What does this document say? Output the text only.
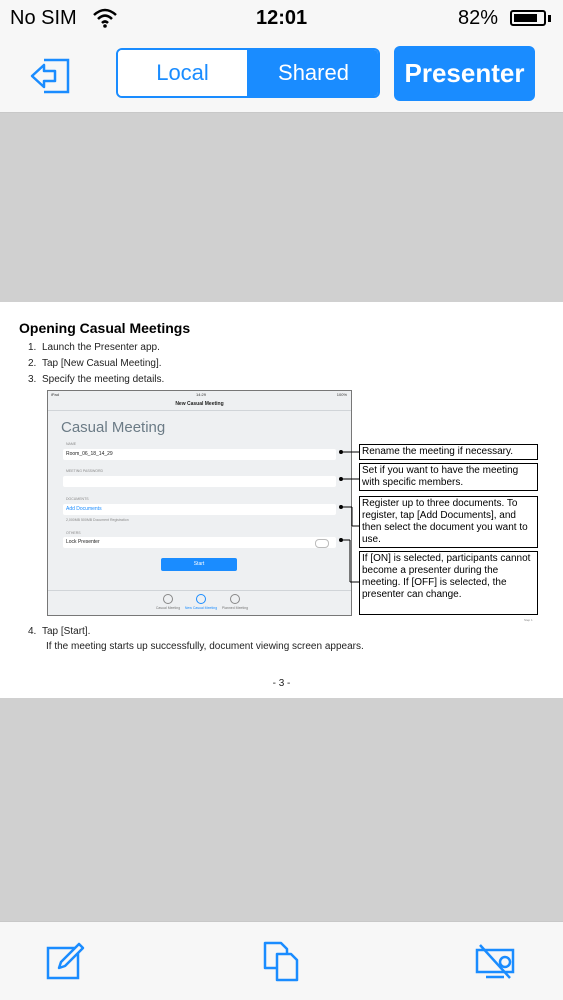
No SIM	12:01	82%
Local	Shared	Presenter
Opening Casual Meetings
1. Launch the Presenter app.
2. Tap [New Casual Meeting].
3. Specify the meeting details.
iPad	14:29	100%
New Casual Meeting
Casual Meeting
NAME
Room_06_18_14_29
MEETING PASSWORD
DOCUMENTS
Add Documents
2,000MB 500MB Document Registration
OTHERS
Lock Presenter
Start
Casual Meeting	New Casual Meeting	Planned Meeting
Rename the meeting if necessary.
Set if you want to have the meeting with specific members.
Register up to three documents. To register, tap [Add Documents], and then select the document you want to use.
If [ON] is selected, participants cannot become a presenter during the meeting. If [OFF] is selected, the presenter can change.
Step 1
4. Tap [Start].
If the meeting starts up successfully, document viewing screen appears.
- 3 -
